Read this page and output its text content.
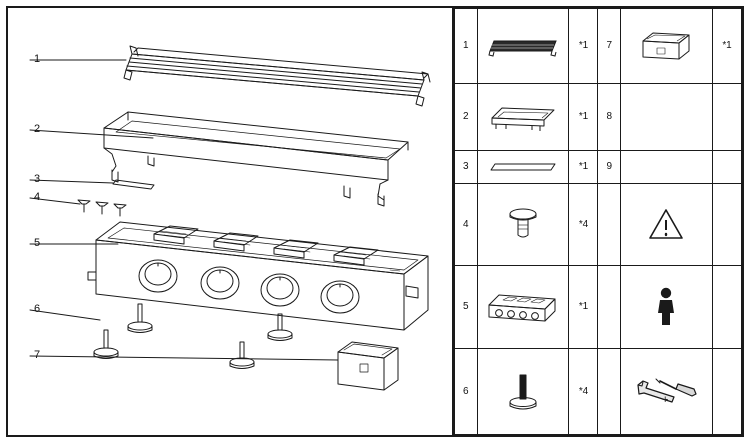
1
2
3
4
5
6
7
1		*1	7		*1
2		*1	8		
3		*1	9		
4		*4		

5		*1		

6		*4		+	
